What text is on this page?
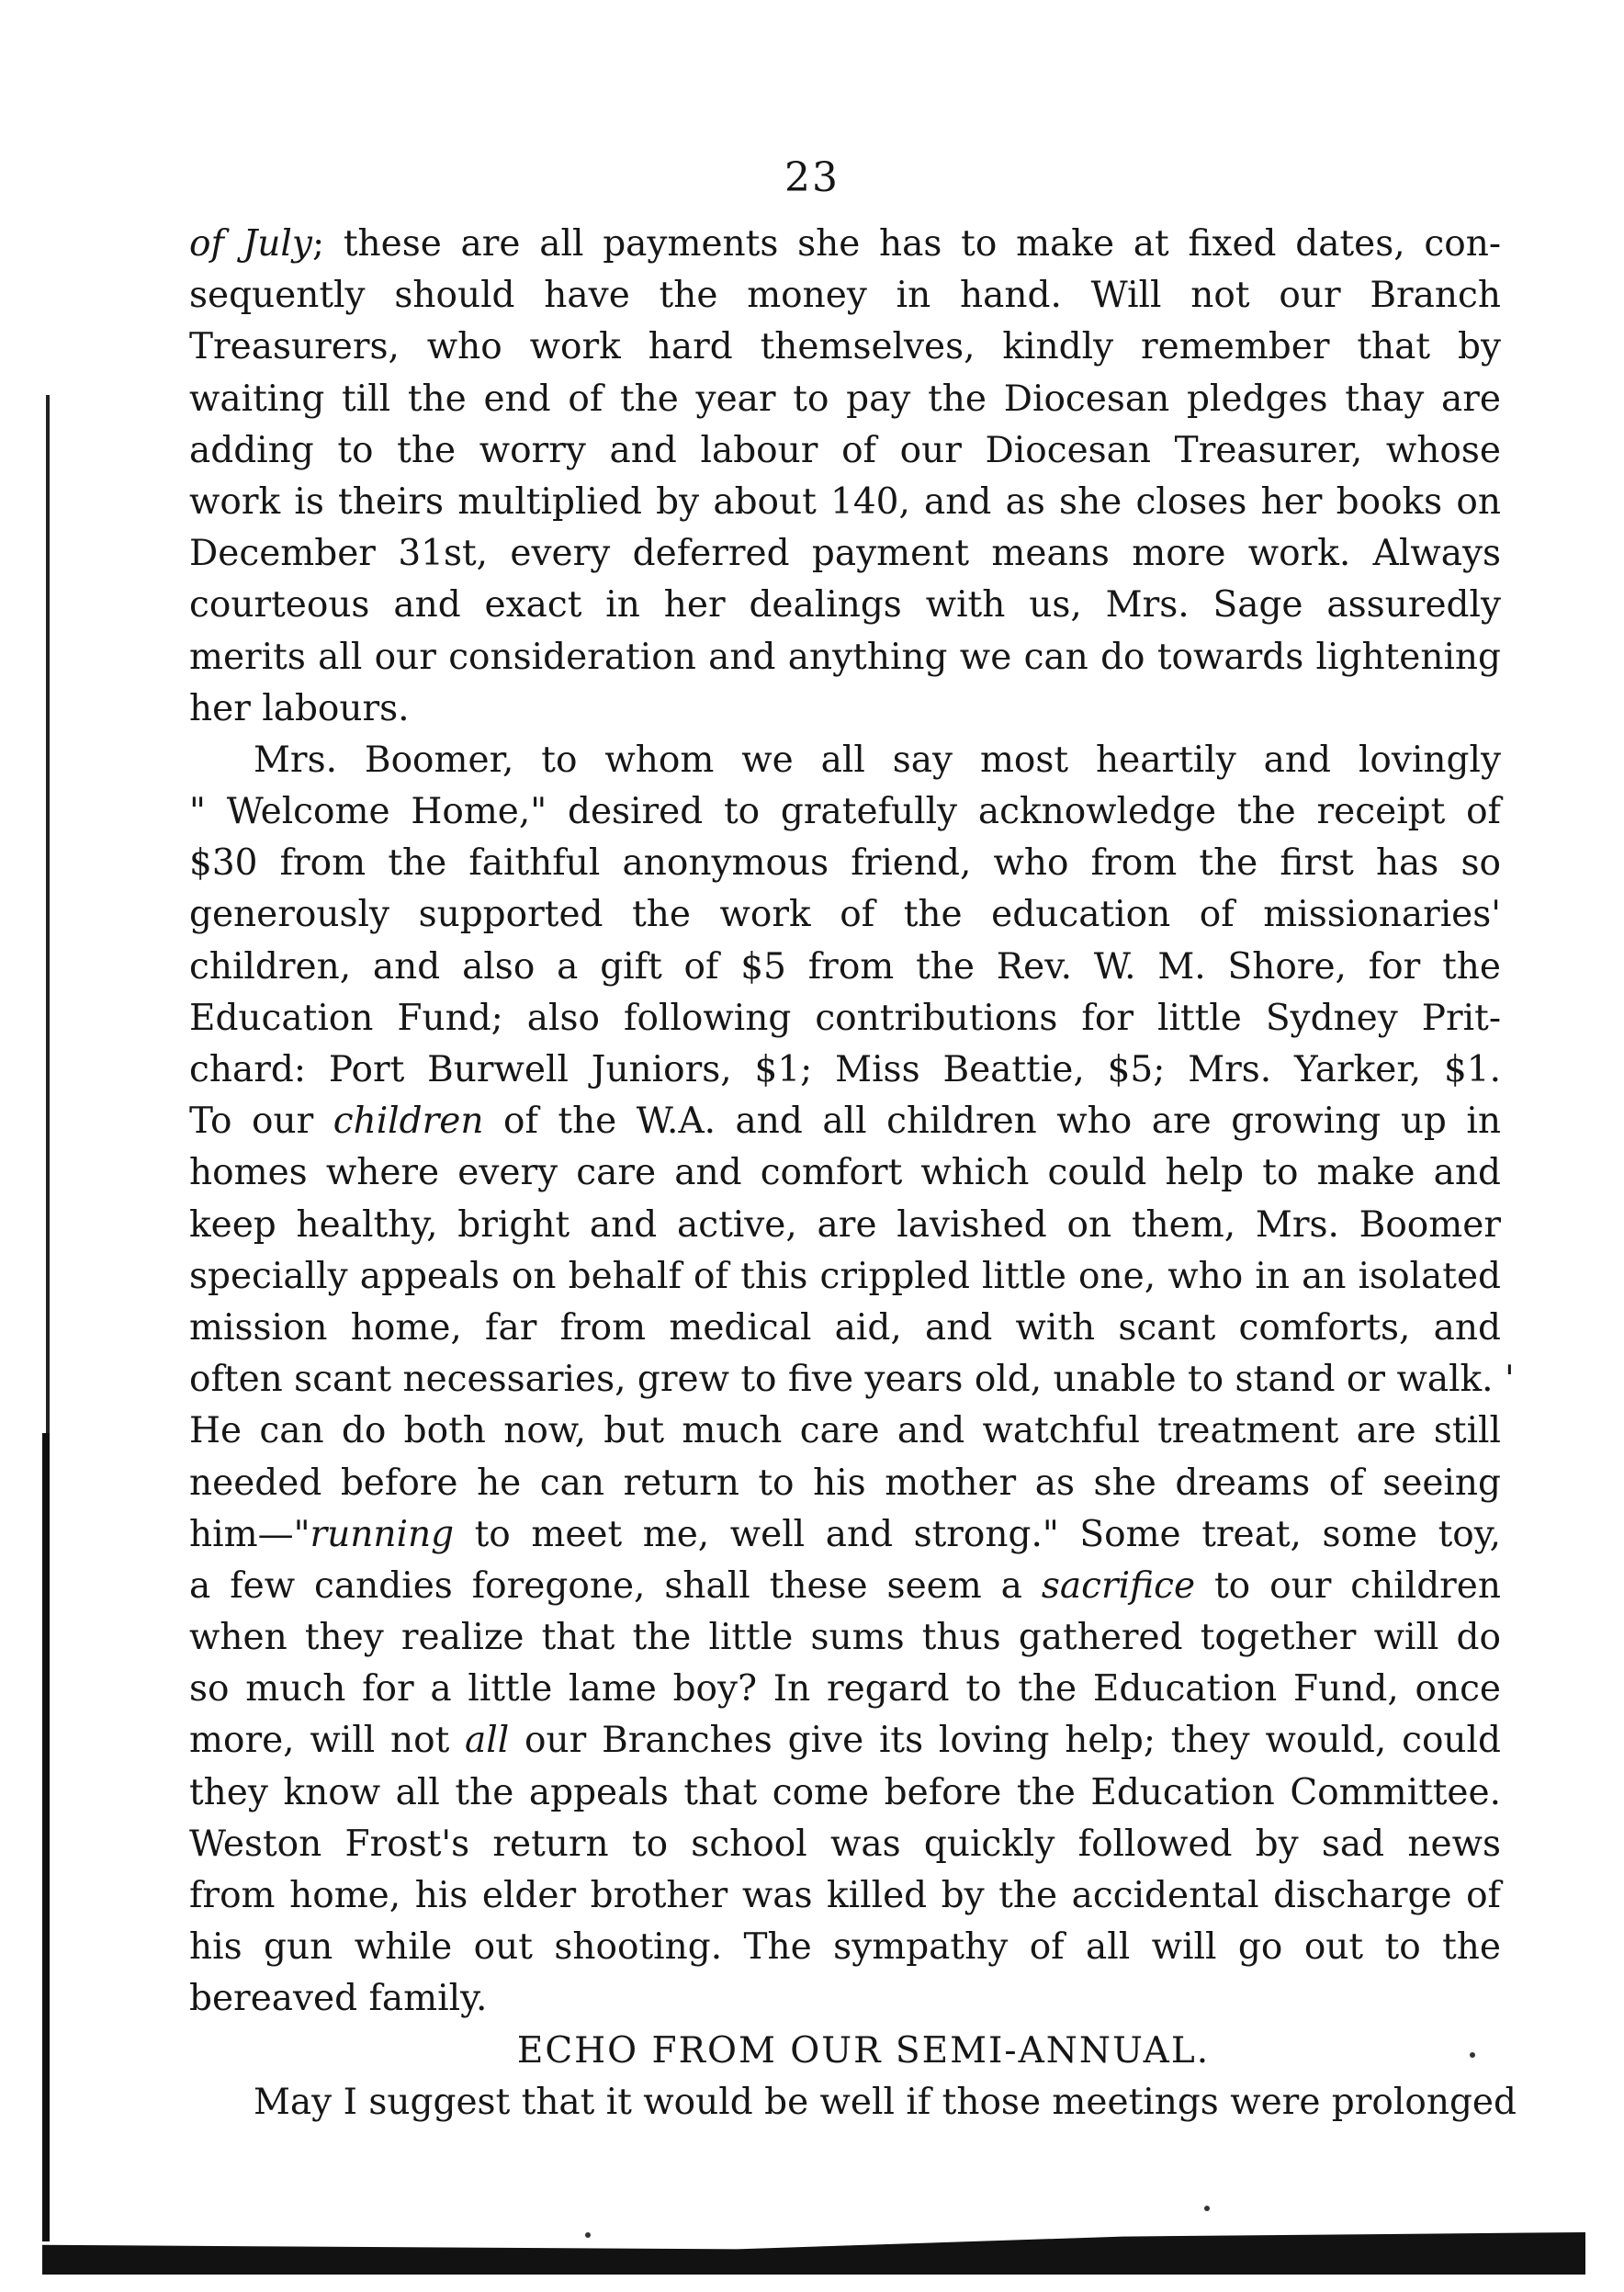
23
of July; these are all payments she has to make at fixed dates, con-
sequently should have the money in hand. Will not our Branch
Treasurers, who work hard themselves, kindly remember that by
waiting till the end of the year to pay the Diocesan pledges thay are
adding to the worry and labour of our Diocesan Treasurer, whose
work is theirs multiplied by about 140, and as she closes her books on
December 31st, every deferred payment means more work. Always
courteous and exact in her dealings with us, Mrs. Sage assuredly
merits all our consideration and anything we can do towards lightening
her labours.
Mrs. Boomer, to whom we all say most heartily and lovingly
" Welcome Home," desired to gratefully acknowledge the receipt of
$30 from the faithful anonymous friend, who from the first has so
generously supported the work of the education of missionaries'
children, and also a gift of $5 from the Rev. W. M. Shore, for the
Education Fund; also following contributions for little Sydney Prit-
chard: Port Burwell Juniors, $1; Miss Beattie, $5; Mrs. Yarker, $1.
To our children of the W.A. and all children who are growing up in
homes where every care and comfort which could help to make and
keep healthy, bright and active, are lavished on them, Mrs. Boomer
specially appeals on behalf of this crippled little one, who in an isolated
mission home, far from medical aid, and with scant comforts, and
often scant necessaries, grew to five years old, unable to stand or walk. '
He can do both now, but much care and watchful treatment are still
needed before he can return to his mother as she dreams of seeing
him—"running to meet me, well and strong." Some treat, some toy,
a few candies foregone, shall these seem a sacrifice to our children
when they realize that the little sums thus gathered together will do
so much for a little lame boy? In regard to the Education Fund, once
more, will not all our Branches give its loving help; they would, could
they know all the appeals that come before the Education Committee.
Weston Frost's return to school was quickly followed by sad news
from home, his elder brother was killed by the accidental discharge of
his gun while out shooting. The sympathy of all will go out to the
bereaved family.
ECHO FROM OUR SEMI-ANNUAL.
May I suggest that it would be well if those meetings were prolonged
